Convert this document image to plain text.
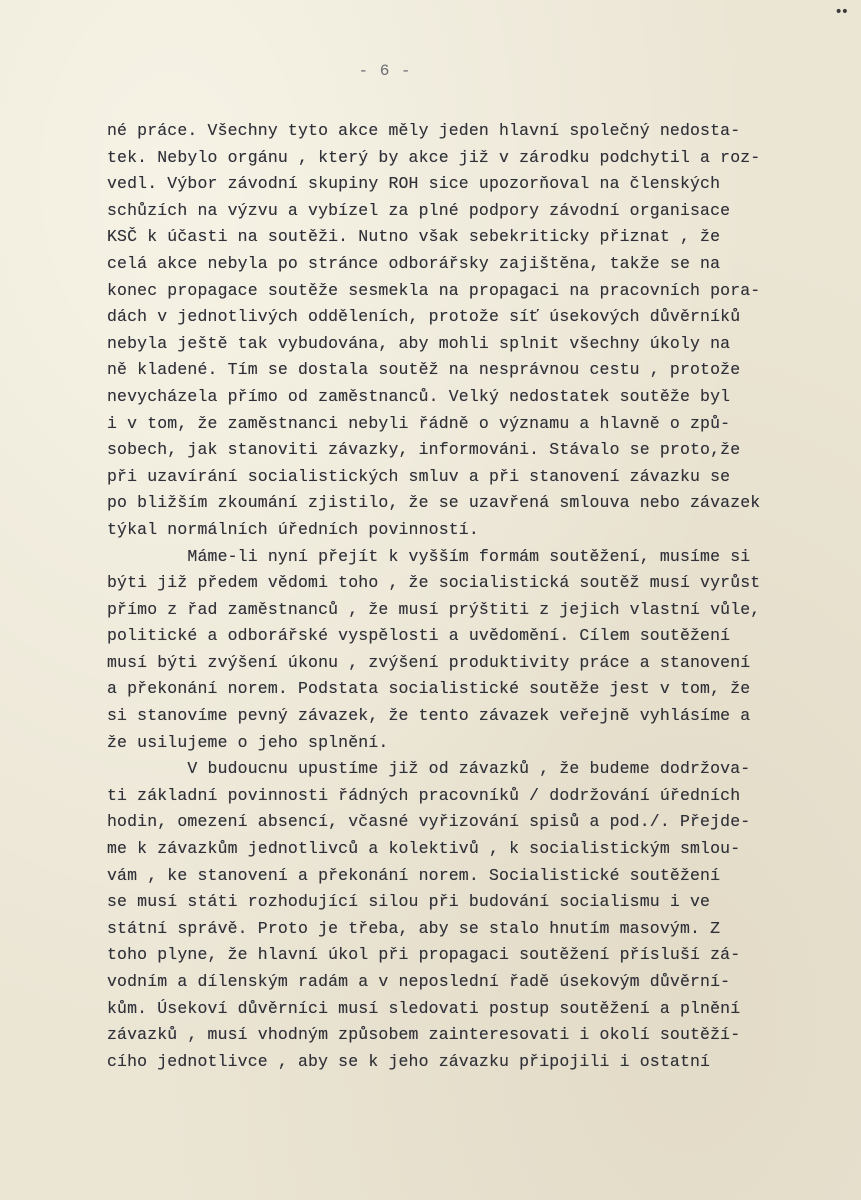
••
- 6 -
né práce. Všechny tyto akce měly jeden hlavní společný nedosta-
tek. Nebylo orgánu , který by akce již v zárodku podchytil a roz-
vedl. Výbor závodní skupiny ROH sice upozorňoval na členských
schůzích na výzvu a vybízel za plné podpory závodní organisace
KSČ k účasti na soutěži. Nutno však sebekriticky přiznat , že
celá akce nebyla po stránce odborářsky zajištěna, takže se na
konec propagace soutěže sesmekla na propagaci na pracovních pora-
dách v jednotlivých odděleních, protože síť úsekových důvěrníků
nebyla ještě tak vybudována, aby mohli splnit všechny úkoly na
ně kladené. Tím se dostala soutěž na nesprávnou cestu , protože
nevycházela přímo od zaměstnanců. Velký nedostatek soutěže byl
i v tom, že zaměstnanci nebyli řádně o významu a hlavně o způ-
sobech, jak stanoviti závazky, informováni. Stávalo se proto,že
při uzavírání socialistických smluv a při stanovení závazku se
po bližším zkoumání zjistilo, že se uzavřená smlouva nebo závazek
týkal normálních úředních povinností.
Máme-li nyní přejít k vyšším formám soutěžení, musíme si
býti již předem vědomi toho , že socialistická soutěž musí vyrůst
přímo z řad zaměstnanců , že musí prýštiti z jejich vlastní vůle,
politické a odborářské vyspělosti a uvědomění. Cílem soutěžení
musí býti zvýšení úkonu , zvýšení produktivity práce a stanovení
a překonání norem. Podstata socialistické soutěže jest v tom, že
si stanovíme pevný závazek, že tento závazek veřejně vyhlásíme a
že usilujeme o jeho splnění.
V budoucnu upustíme již od závazků , že budeme dodržova-
ti základní povinnosti řádných pracovníků / dodržování úředních
hodin, omezení absencí, včasné vyřizování spisů a pod./. Přejde-
me k závazkům jednotlivců a kolektivů , k socialistickým smlou-
vám , ke stanovení a překonání norem. Socialistické soutěžení
se musí státi rozhodující silou při budování socialismu i ve
státní správě. Proto je třeba, aby se stalo hnutím masovým. Z
toho plyne, že hlavní úkol při propagaci soutěžení přísluší zá-
vodním a dílenským radám a v neposlední řadě úsekovým důvěrní-
kům. Úsekoví důvěrníci musí sledovati postup soutěžení a plnění
závazků , musí vhodným způsobem zainteresovati i okolí soutěží-
cího jednotlivce , aby se k jeho závazku připojili i ostatní
